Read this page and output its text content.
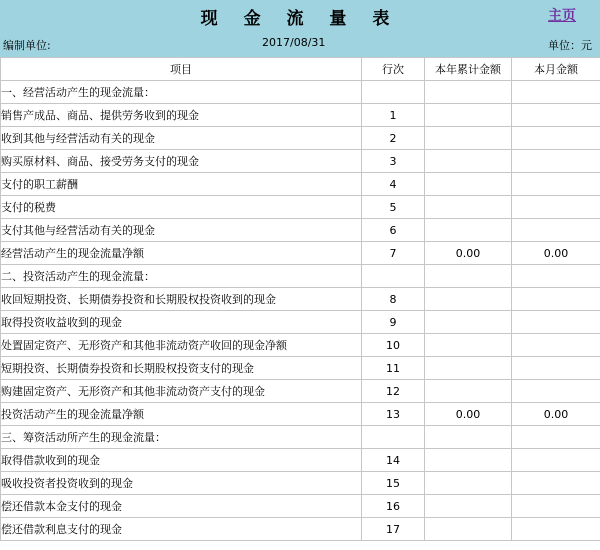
现 金 流 量 表	主页
编制单位:	2017/08/31	单位：元
项目	行次	本年累计金额	本月金额
一、经营活动产生的现金流量：			
销售产成品、商品、提供劳务收到的现金	1		
收到其他与经营活动有关的现金	2		
购买原材料、商品、接受劳务支付的现金	3		
支付的职工薪酬	4		
支付的税费	5		
支付其他与经营活动有关的现金	6		
经营活动产生的现金流量净额	7	0.00	0.00
二、投资活动产生的现金流量：			
收回短期投资、长期债券投资和长期股权投资收到的现金	8		
取得投资收益收到的现金	9		
处置固定资产、无形资产和其他非流动资产收回的现金净额	10		
短期投资、长期债券投资和长期股权投资支付的现金	11		
购建固定资产、无形资产和其他非流动资产支付的现金	12		
投资活动产生的现金流量净额	13	0.00	0.00
三、筹资活动所产生的现金流量：			
取得借款收到的现金	14		
吸收投资者投资收到的现金	15		
偿还借款本金支付的现金	16		
偿还借款利息支付的现金	17		
